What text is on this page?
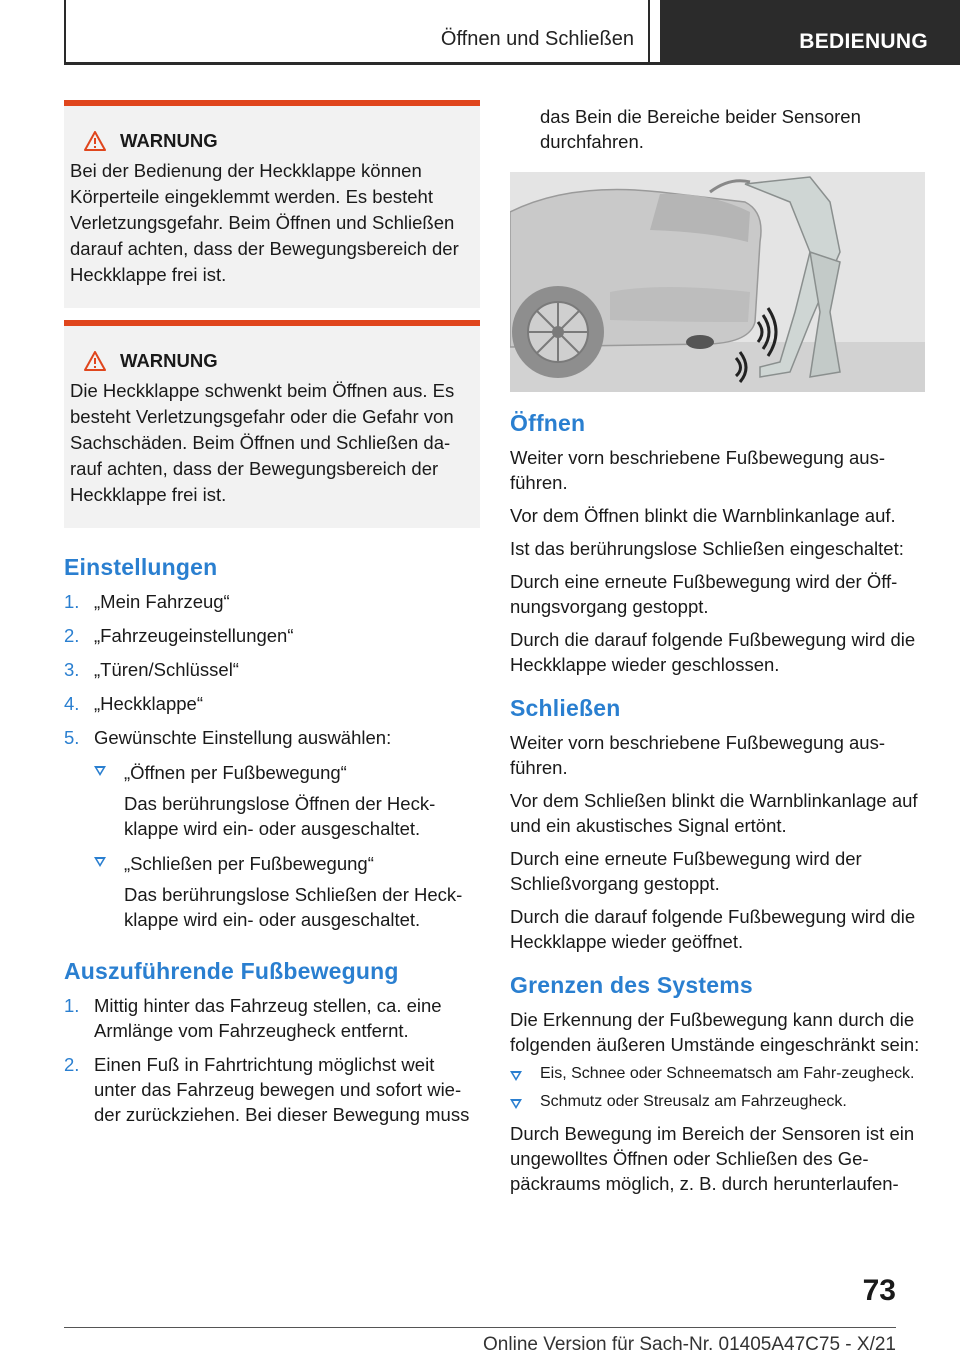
Öffnen und Schließen	BEDIENUNG
WARNUNG
Bei der Bedienung der Heckklappe können Körperteile eingeklemmt werden. Es besteht Verletzungsgefahr. Beim Öffnen und Schließen darauf achten, dass der Bewegungsbereich der Heckklappe frei ist.
WARNUNG
Die Heckklappe schwenkt beim Öffnen aus. Es besteht Verletzungsgefahr oder die Gefahr von Sachschäden. Beim Öffnen und Schließen da-rauf achten, dass der Bewegungsbereich der Heckklappe frei ist.
Einstellungen
1. „Mein Fahrzeug“
2. „Fahrzeugeinstellungen“
3. „Türen/Schlüssel“
4. „Heckklappe“
5. Gewünschte Einstellung auswählen:
„Öffnen per Fußbewegung“
Das berührungslose Öffnen der Heck-klappe wird ein- oder ausgeschaltet.
„Schließen per Fußbewegung“
Das berührungslose Schließen der Heck-klappe wird ein- oder ausgeschaltet.
Auszuführende Fußbewegung
1. Mittig hinter das Fahrzeug stellen, ca. eine Armlänge vom Fahrzeugheck entfernt.
2. Einen Fuß in Fahrtrichtung möglichst weit unter das Fahrzeug bewegen und sofort wie-der zurückziehen. Bei dieser Bewegung muss

das Bein die Bereiche beider Sensoren durchfahren.

Öffnen

Weiter vorn beschriebene Fußbewegung aus-führen.

Vor dem Öffnen blinkt die Warnblinkanlage auf.

Ist das berührungslose Schließen eingeschaltet:

Durch eine erneute Fußbewegung wird der Öff-nungsvorgang gestoppt.

Durch die darauf folgende Fußbewegung wird die Heckklappe wieder geschlossen.

Schließen

Weiter vorn beschriebene Fußbewegung aus-führen.

Vor dem Schließen blinkt die Warnblinkanlage auf und ein akustisches Signal ertönt.

Durch eine erneute Fußbewegung wird der Schließvorgang gestoppt.

Durch die darauf folgende Fußbewegung wird die Heckklappe wieder geöffnet.

Grenzen des Systems

Die Erkennung der Fußbewegung kann durch die folgenden äußeren Umstände eingeschränkt sein:

Eis, Schnee oder Schneematsch am Fahr-zeugheck.
Schmutz oder Streusalz am Fahrzeugheck.

Durch Bewegung im Bereich der Sensoren ist ein ungewolltes Öffnen oder Schließen des Ge-päckraums möglich, z. B. durch herunterlaufen-

73
Online Version für Sach-Nr. 01405A47C75 - X/21
